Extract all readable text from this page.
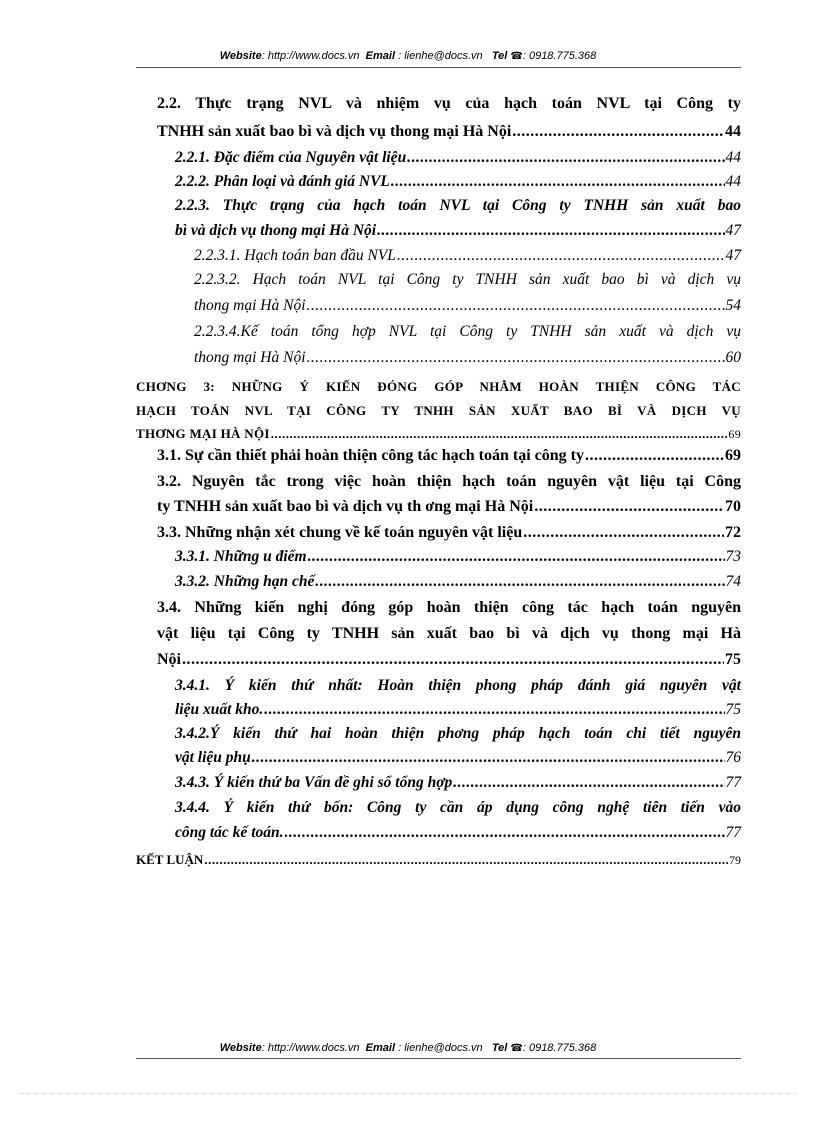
Website: http://www.docs.vn Email : lienhe@docs.vn Tel ☎: 0918.775.368
2.2. Thực trạng NVL và nhiệm vụ của hạch toán NVL tại Công ty
TNHH sản xuất bao bì và dịch vụ thong mại Hà Nội .....	44
2.2.1. Đặc điểm của Nguyên vật liệu .....	44
2.2.2. Phân loại và đánh giá NVL .....	44
2.2.3. Thực trạng của hạch toán NVL tại Công ty TNHH sản xuất bao
bì và dịch vụ thong mại Hà Nội .....	47
2.2.3.1. Hạch toán ban đầu NVL .....	47
2.2.3.2. Hạch toán NVL tại Công ty TNHH sản xuất bao bì và dịch vụ
thong mại Hà Nội .....	54
2.2.3.4.Kế toán tổng hợp NVL tại Công ty TNHH sản xuất và dịch vụ
thong mại Hà Nội .....	60
CHƠNG 3: NHỮNG Ý KIẾN ĐÓNG GÓP NHẰM HOÀN THIỆN CÔNG TÁC
HẠCH TOÁN NVL TẠI CÔNG TY TNHH SẢN XUẤT BAO BÌ VÀ DỊCH VỤ
THƠNG MẠI HÀ NỘI .....	69
3.1. Sự cần thiết phải hoàn thiện công tác hạch toán tại công ty .....	69
3.2. Nguyên tắc trong việc hoàn thiện hạch toán nguyên vật liệu tại Công
ty TNHH sản xuất bao bì và dịch vụ th ơng mại Hà Nội .....	70
3.3. Những nhận xét chung về kế toán nguyên vật liệu .....	72
3.3.1. Những u điểm .....	73
3.3.2. Những hạn chế .....	74
3.4. Những kiến nghị đóng góp hoàn thiện công tác hạch toán nguyên
vật liệu tại Công ty TNHH sản xuất bao bì và dịch vụ thong mại Hà
Nội .....	75
3.4.1. Ý kiến thứ nhất: Hoàn thiện phong pháp đánh giá nguyên vật
liệu xuất kho. .....	75
3.4.2.Ý kiến thứ hai hoàn thiện phơng pháp hạch toán chi tiết nguyên
vật liệu phụ .....	76
3.4.3. Ý kiến thứ ba Vấn đề ghi sổ tổng hợp .....	77
3.4.4. Ý kiến thứ bốn: Công ty cần áp dụng công nghệ tiên tiến vào
công tác kế toán. .....	77
KẾT LUẬN .....	79
Website: http://www.docs.vn Email : lienhe@docs.vn Tel ☎: 0918.775.368
